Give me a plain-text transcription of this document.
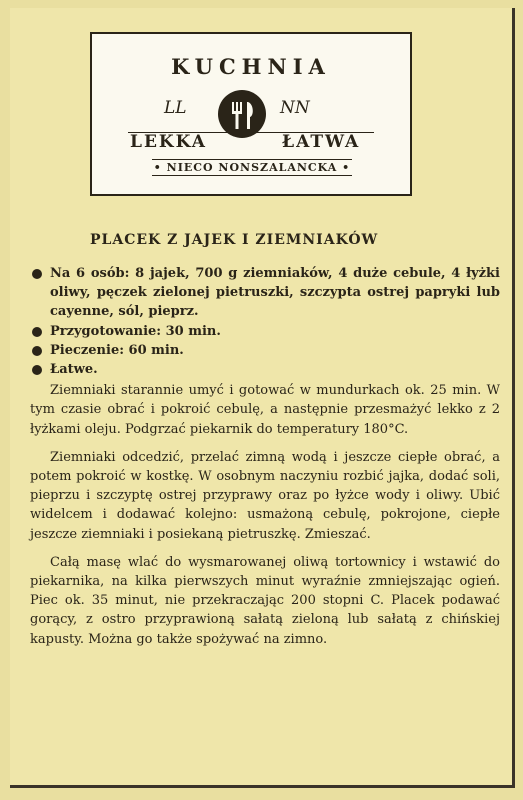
KUCHNIA
LL	NN
LEKKA	ŁATWA
• NIECO NONSZALANCKA •
PLACEK Z JAJEK I ZIEMNIAKÓW

Na 6 osób: 8 jajek, 700 g ziemniaków, 4 duże cebule, 4 łyżki oliwy, pęczek zielonej pietruszki, szczypta ostrej papryki lub cayenne, sól, pieprz.

Przygotowanie: 30 min.

Pieczenie: 60 min.

Łatwe.

Ziemniaki starannie umyć i gotować w mundurkach ok. 25 min. W tym czasie obrać i pokroić cebulę, a następnie przesmażyć lekko z 2 łyżkami oleju. Podgrzać piekarnik do temperatury 180°C.

Ziemniaki odcedzić, przelać zimną wodą i jeszcze ciepłe obrać, a potem pokroić w kostkę. W osobnym naczyniu rozbić jajka, dodać soli, pieprzu i szczyptę ostrej przyprawy oraz po łyżce wody i oliwy. Ubić widelcem i dodawać kolejno: usmażoną cebulę, pokrojone, ciepłe jeszcze ziemniaki i posiekaną pietruszkę. Zmieszać.

Całą masę wlać do wysmarowanej oliwą tortownicy i wstawić do piekarnika, na kilka pierwszych minut wyraźnie zmniejszając ogień. Piec ok. 35 minut, nie przekraczając 200 stopni C. Placek podawać gorący, z ostro przyprawioną sałatą zieloną lub sałatą z chińskiej kapusty. Można go także spożywać na zimno.
